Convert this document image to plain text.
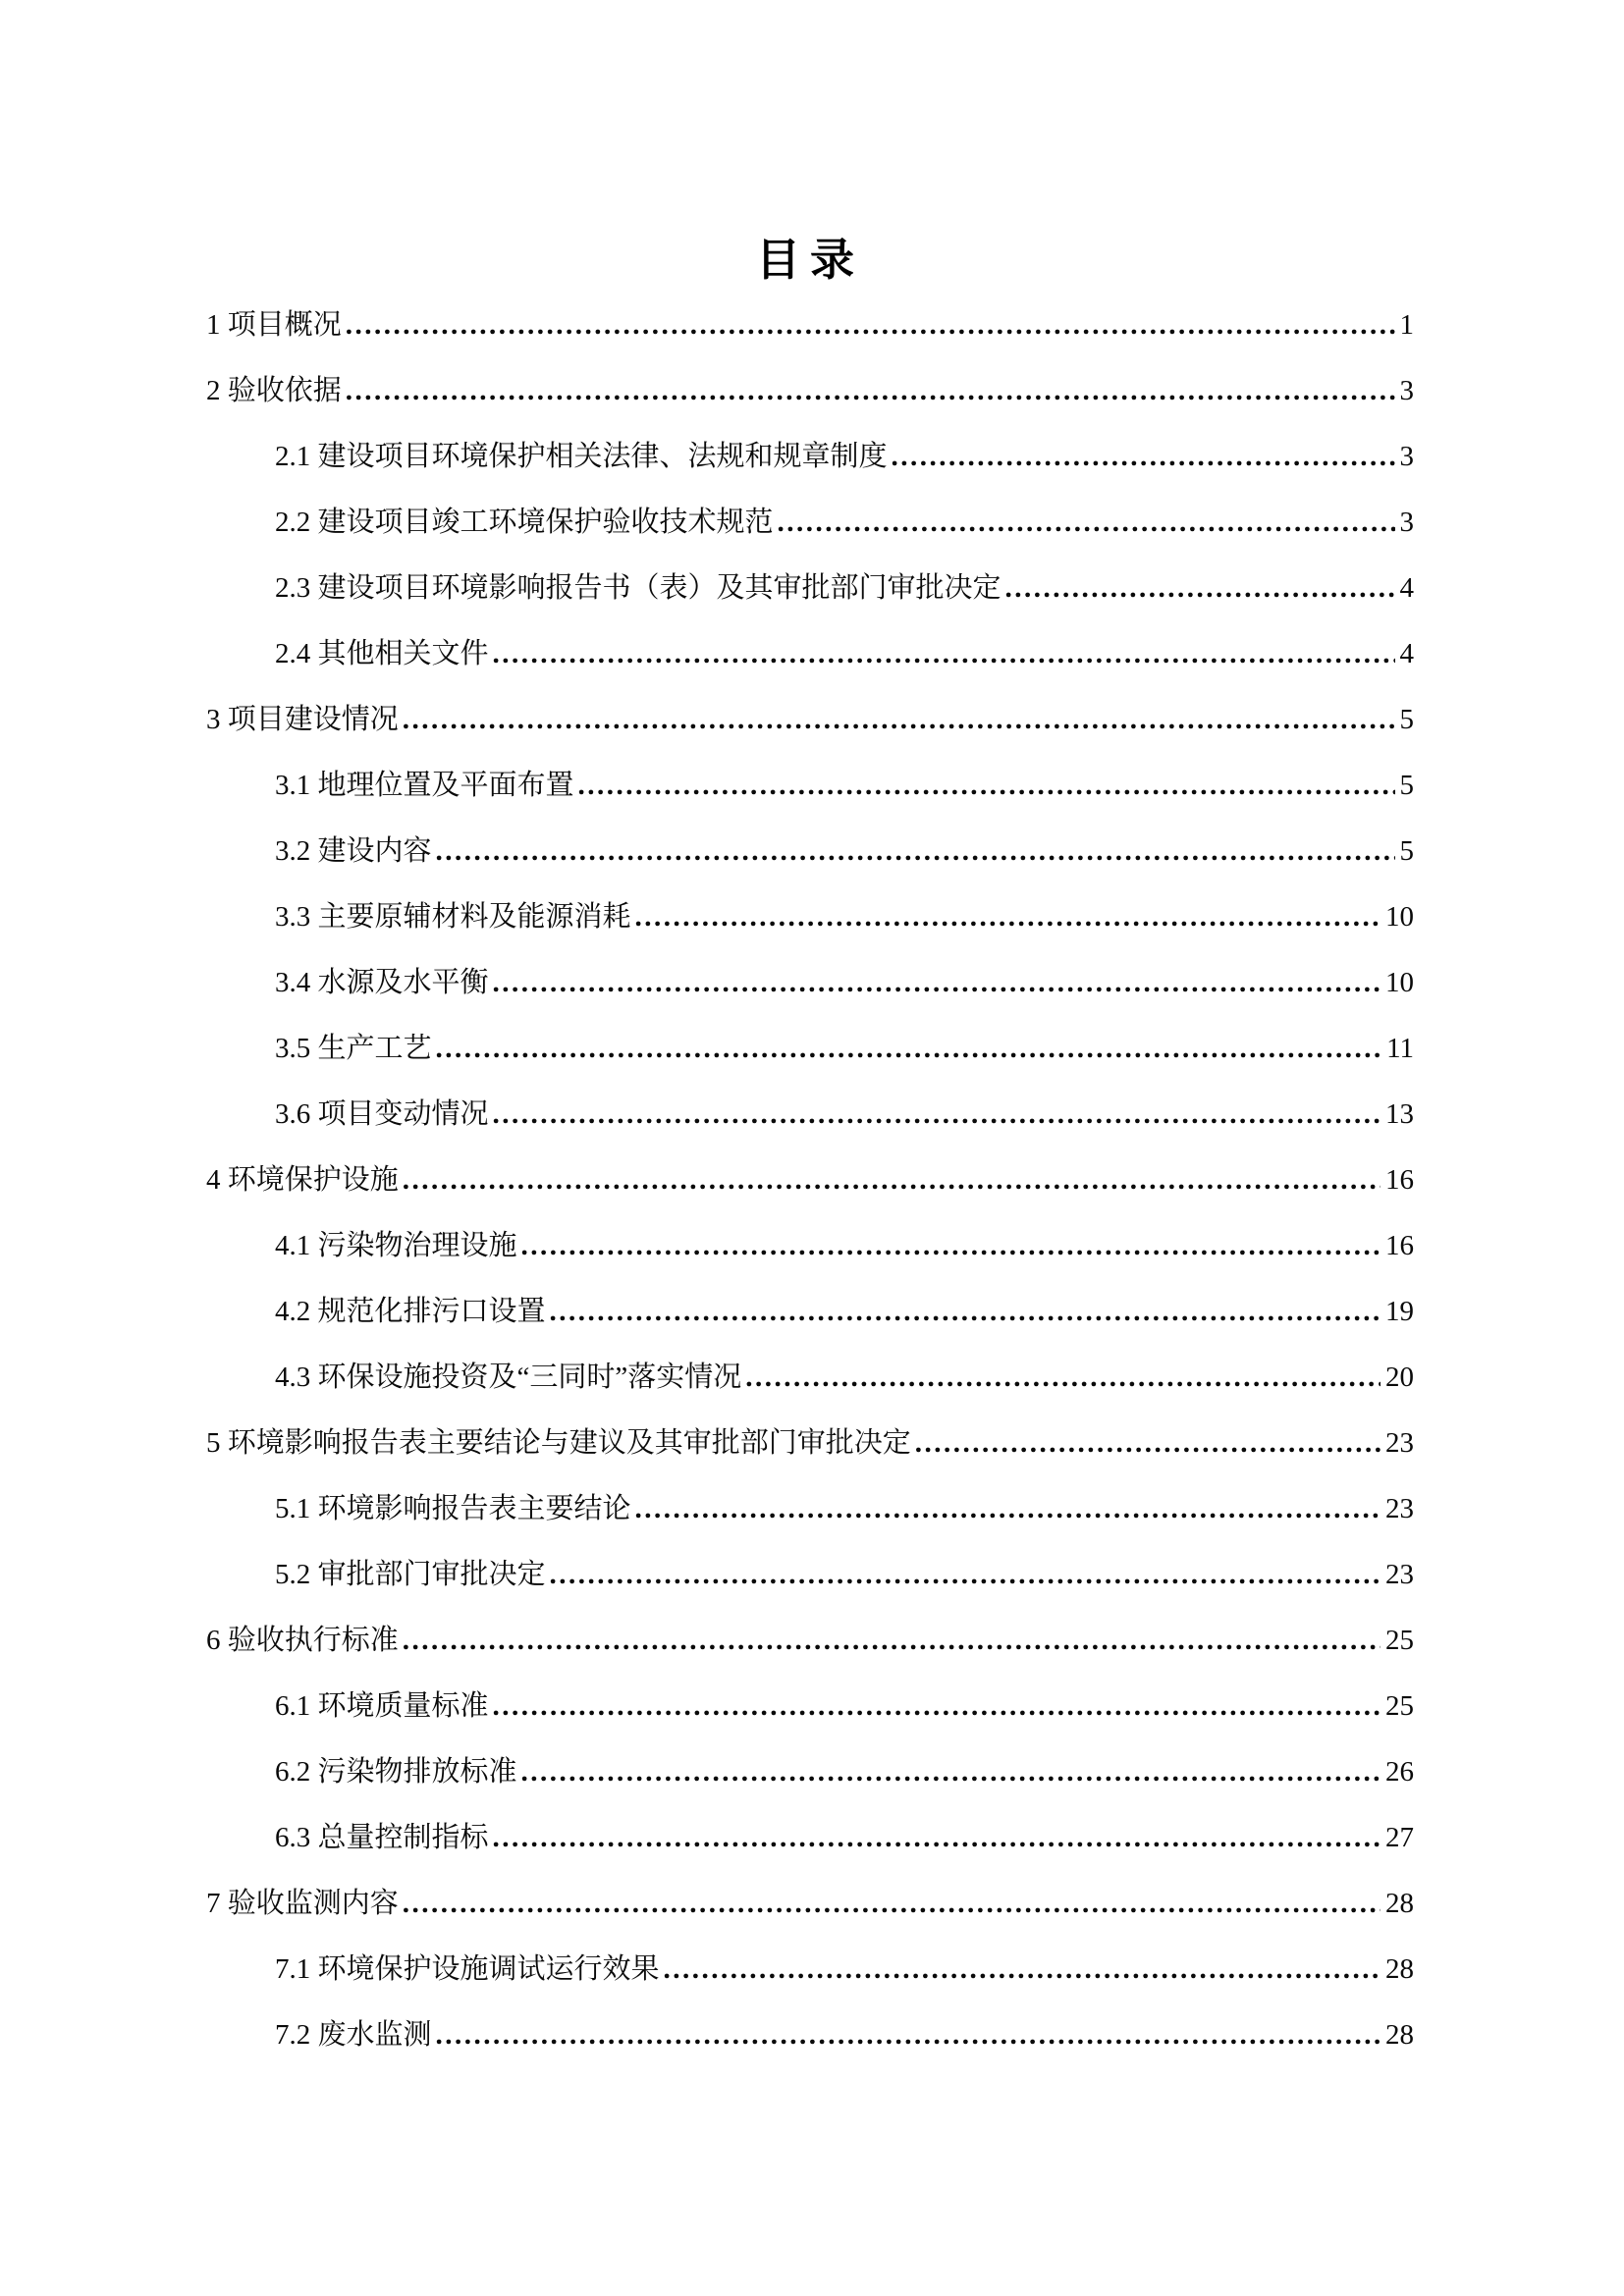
目录
1 项目概况 .....	1
2 验收依据 .....	3
2.1 建设项目环境保护相关法律、法规和规章制度 .....	3
2.2 建设项目竣工环境保护验收技术规范 .....	3
2.3 建设项目环境影响报告书（表）及其审批部门审批决定 .....	4
2.4 其他相关文件 .....	4
3 项目建设情况 .....	5
3.1 地理位置及平面布置 .....	5
3.2 建设内容 .....	5
3.3 主要原辅材料及能源消耗 .....	10
3.4 水源及水平衡 .....	10
3.5 生产工艺 .....	11
3.6 项目变动情况 .....	13
4 环境保护设施 .....	16
4.1 污染物治理设施 .....	16
4.2 规范化排污口设置 .....	19
4.3 环保设施投资及“三同时”落实情况 .....	20
5 环境影响报告表主要结论与建议及其审批部门审批决定 .....	23
5.1 环境影响报告表主要结论 .....	23
5.2 审批部门审批决定 .....	23
6 验收执行标准 .....	25
6.1 环境质量标准 .....	25
6.2 污染物排放标准 .....	26
6.3 总量控制指标 .....	27
7 验收监测内容 .....	28
7.1 环境保护设施调试运行效果 .....	28
7.2 废水监测 .....	28
